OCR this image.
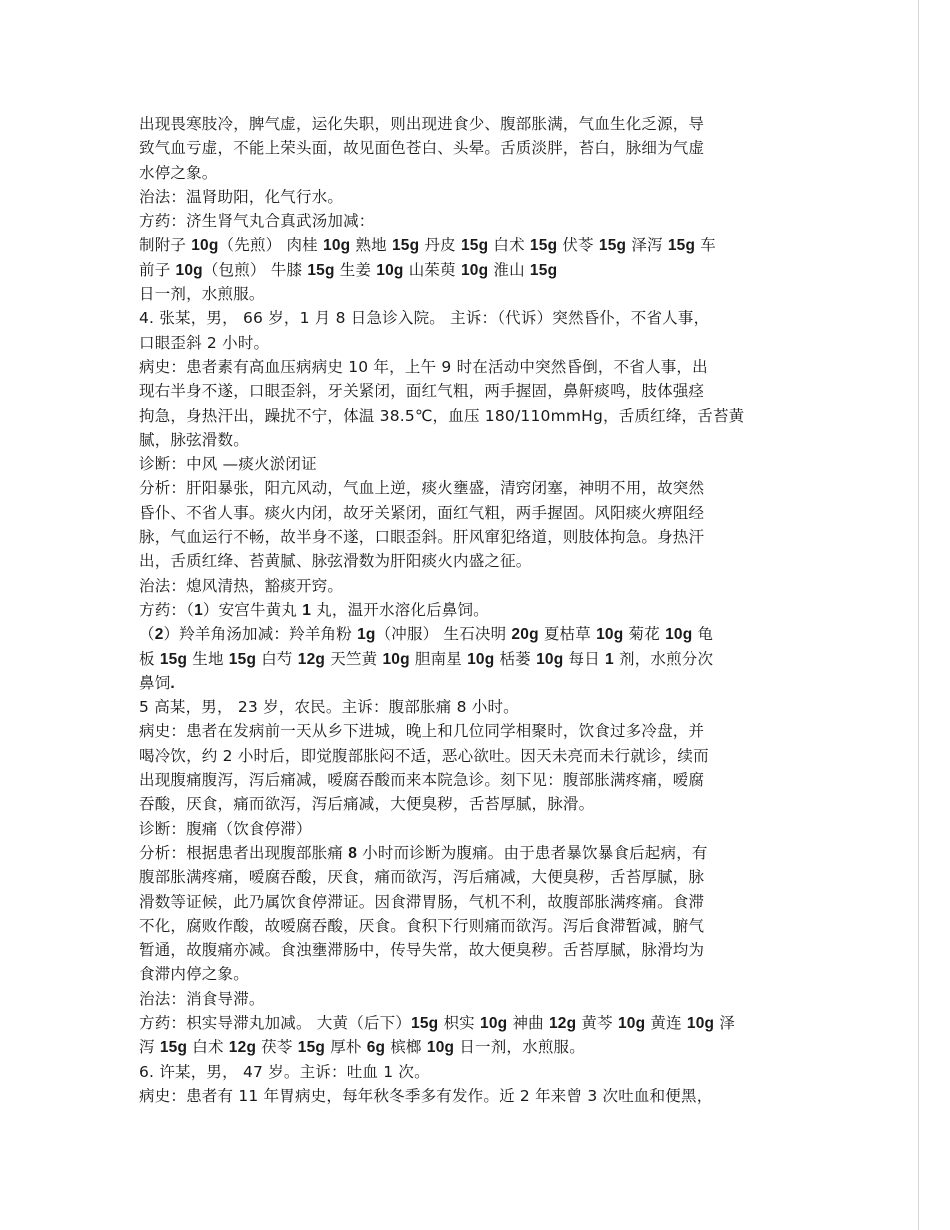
出现畏寒肢冷，脾气虚，运化失职，则出现进食少、腹部胀满，气血生化乏源，导
致气血亏虚，不能上荣头面，故见面色苍白、头晕。舌质淡胖，苔白，脉细为气虚
水停之象。
治法：温肾助阳，化气行水。
方药：济生肾气丸合真武汤加减：
制附子 10g（先煎） 肉桂 10g 熟地 15g 丹皮 15g 白术 15g 伏苓 15g 泽泻 15g 车
前子 10g（包煎） 牛膝 15g 生姜 10g 山茱萸 10g 淮山 15g
日一剂，水煎服。
4. 张某，男， 66 岁，1 月 8 日急诊入院。 主诉：（代诉）突然昏仆，不省人事，
口眼歪斜 2 小时。
病史：患者素有高血压病病史 10 年，上午 9 时在活动中突然昏倒，不省人事，出
现右半身不遂，口眼歪斜，牙关紧闭，面红气粗，两手握固，鼻鼾痰鸣，肢体强痉
拘急，身热汗出，躁扰不宁，体温 38.5℃，血压 180/110mmHg，舌质红绛，舌苔黄
腻，脉弦滑数。
诊断：中风 —痰火淤闭证
分析：肝阳暴张，阳亢风动，气血上逆，痰火壅盛，清窍闭塞，神明不用，故突然
昏仆、不省人事。痰火内闭，故牙关紧闭，面红气粗，两手握固。风阳痰火痹阻经
脉，气血运行不畅，故半身不遂，口眼歪斜。肝风窜犯络道，则肢体拘急。身热汗
出，舌质红绛、苔黄腻、脉弦滑数为肝阳痰火内盛之征。
治法：熄风清热，豁痰开窍。
方药：（1）安宫牛黄丸 1 丸，温开水溶化后鼻饲。
（2）羚羊角汤加减：羚羊角粉 1g（冲服） 生石决明 20g 夏枯草 10g 菊花 10g 龟
板 15g 生地 15g 白芍 12g 天竺黄 10g 胆南星 10g 栝蒌 10g 每日 1 剂，水煎分次
鼻饲.
5 高某，男， 23 岁，农民。主诉：腹部胀痛 8 小时。
病史：患者在发病前一天从乡下进城，晚上和几位同学相聚时，饮食过多冷盘，并
喝冷饮，约 2 小时后，即觉腹部胀闷不适，恶心欲吐。因天未亮而未行就诊，续而
出现腹痛腹泻，泻后痛减，嗳腐吞酸而来本院急诊。刻下见：腹部胀满疼痛，嗳腐
吞酸，厌食，痛而欲泻，泻后痛减，大便臭秽，舌苔厚腻，脉滑。
诊断：腹痛（饮食停滞）
分析：根据患者出现腹部胀痛 8 小时而诊断为腹痛。由于患者暴饮暴食后起病，有
腹部胀满疼痛，嗳腐吞酸，厌食，痛而欲泻，泻后痛减，大便臭秽，舌苔厚腻，脉
滑数等证候，此乃属饮食停滞证。因食滞胃肠，气机不利，故腹部胀满疼痛。食滞
不化，腐败作酸，故嗳腐吞酸，厌食。食积下行则痛而欲泻。泻后食滞暂减，腑气
暂通，故腹痛亦减。食浊壅滞肠中，传导失常，故大便臭秽。舌苔厚腻，脉滑均为
食滞内停之象。
治法：消食导滞。
方药：枳实导滞丸加减。 大黄（后下）15g 枳实 10g 神曲 12g 黄芩 10g 黄连 10g 泽
泻 15g 白术 12g 茯苓 15g 厚朴 6g 槟榔 10g 日一剂，水煎服。
6. 许某，男， 47 岁。主诉：吐血 1 次。
病史：患者有 11 年胃病史，每年秋冬季多有发作。近 2 年来曾 3 次吐血和便黑，
